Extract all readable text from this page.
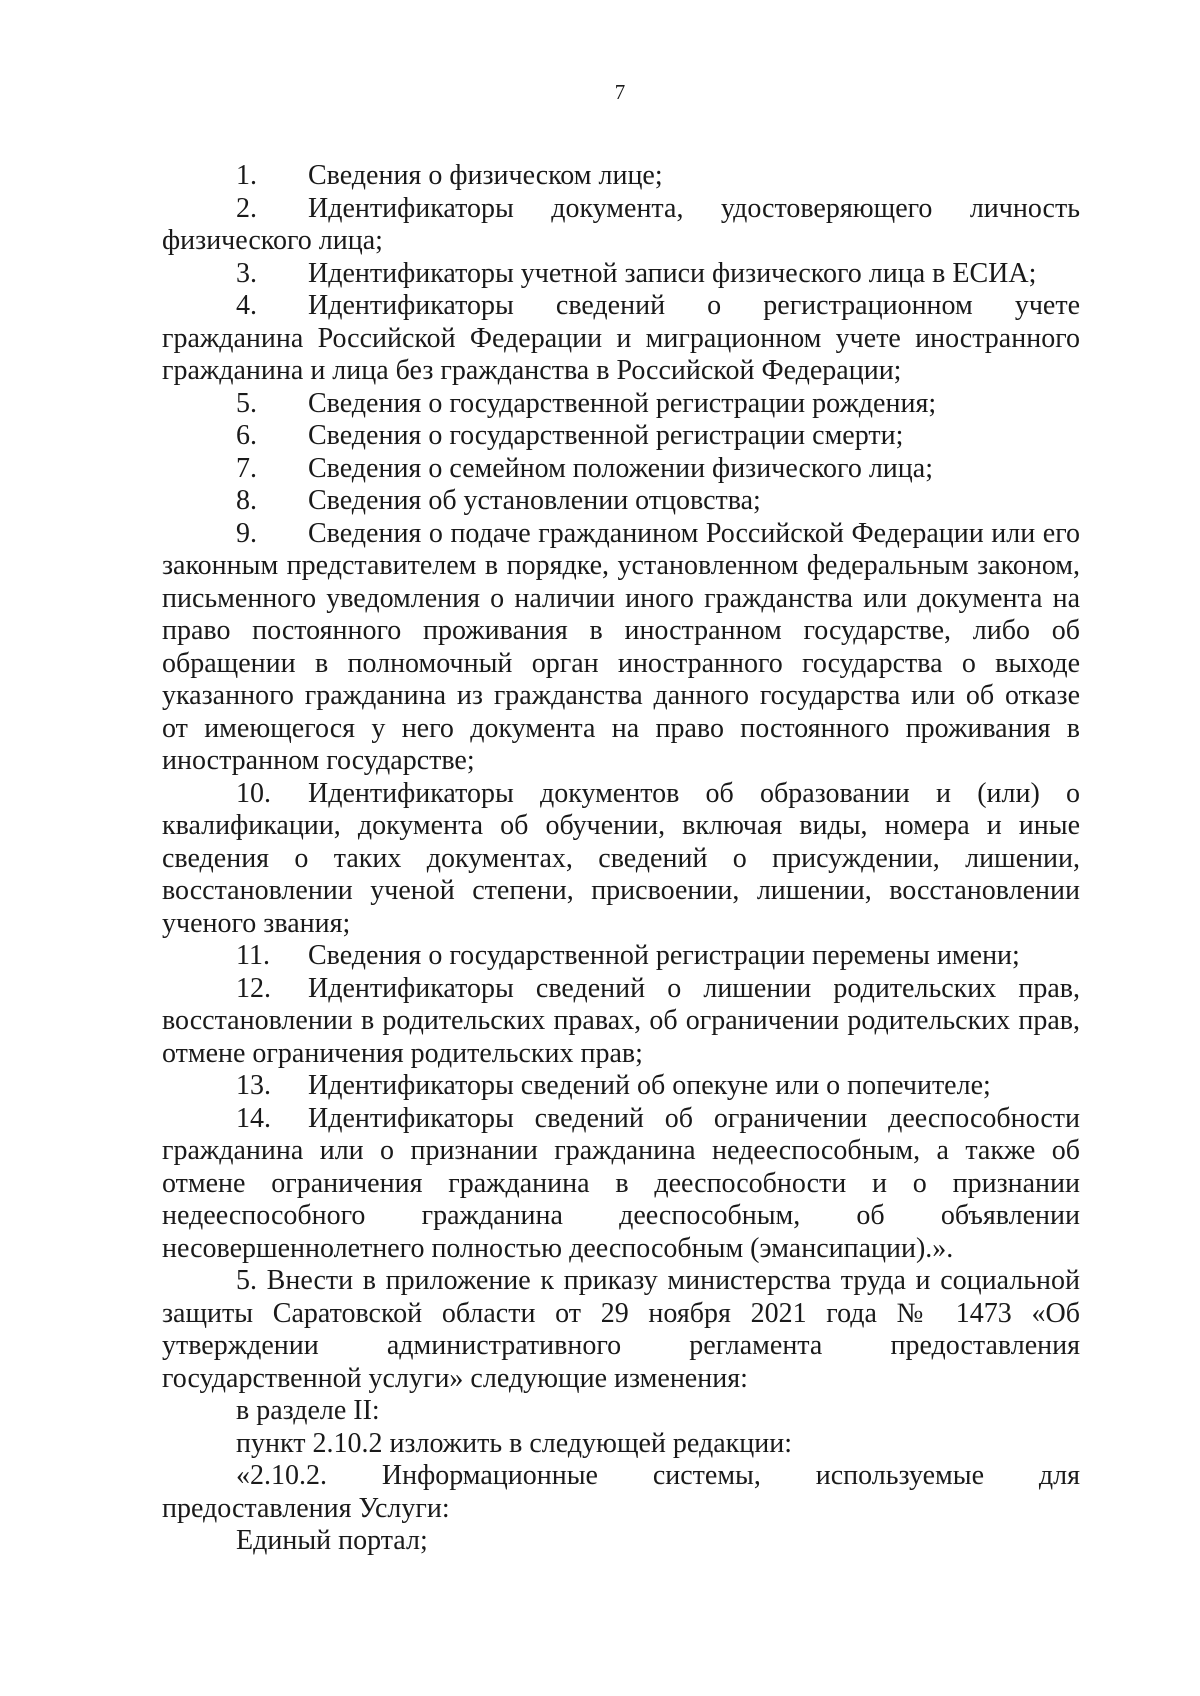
7

1. Сведения о физическом лице;

2. Идентификаторы документа, удостоверяющего личность физического лица;

3. Идентификаторы учетной записи физического лица в ЕСИА;

4. Идентификаторы сведений о регистрационном учете гражданина Российской Федерации и миграционном учете иностранного гражданина и лица без гражданства в Российской Федерации;

5. Сведения о государственной регистрации рождения;

6. Сведения о государственной регистрации смерти;

7. Сведения о семейном положении физического лица;

8. Сведения об установлении отцовства;

9. Сведения о подаче гражданином Российской Федерации или его законным представителем в порядке, установленном федеральным законом, письменного уведомления о наличии иного гражданства или документа на право постоянного проживания в иностранном государстве, либо об обращении в полномочный орган иностранного государства о выходе указанного гражданина из гражданства данного государства или об отказе от имеющегося у него документа на право постоянного проживания в иностранном государстве;

10. Идентификаторы документов об образовании и (или) о квалификации, документа об обучении, включая виды, номера и иные сведения о таких документах, сведений о присуждении, лишении, восстановлении ученой степени, присвоении, лишении, восстановлении ученого звания;

11. Сведения о государственной регистрации перемены имени;

12. Идентификаторы сведений о лишении родительских прав, восстановлении в родительских правах, об ограничении родительских прав, отмене ограничения родительских прав;

13. Идентификаторы сведений об опекуне или о попечителе;

14. Идентификаторы сведений об ограничении дееспособности гражданина или о признании гражданина недееспособным, а также об отмене ограничения гражданина в дееспособности и о признании недееспособного гражданина дееспособным, об объявлении несовершеннолетнего полностью дееспособным (эмансипации).».

5. Внести в приложение к приказу министерства труда и социальной защиты Саратовской области от 29 ноября 2021 года № 1473 «Об утверждении административного регламента предоставления государственной услуги» следующие изменения:

в разделе II:

пункт 2.10.2 изложить в следующей редакции:

«2.10.2. Информационные системы, используемые для предоставления Услуги:

Единый портал;
